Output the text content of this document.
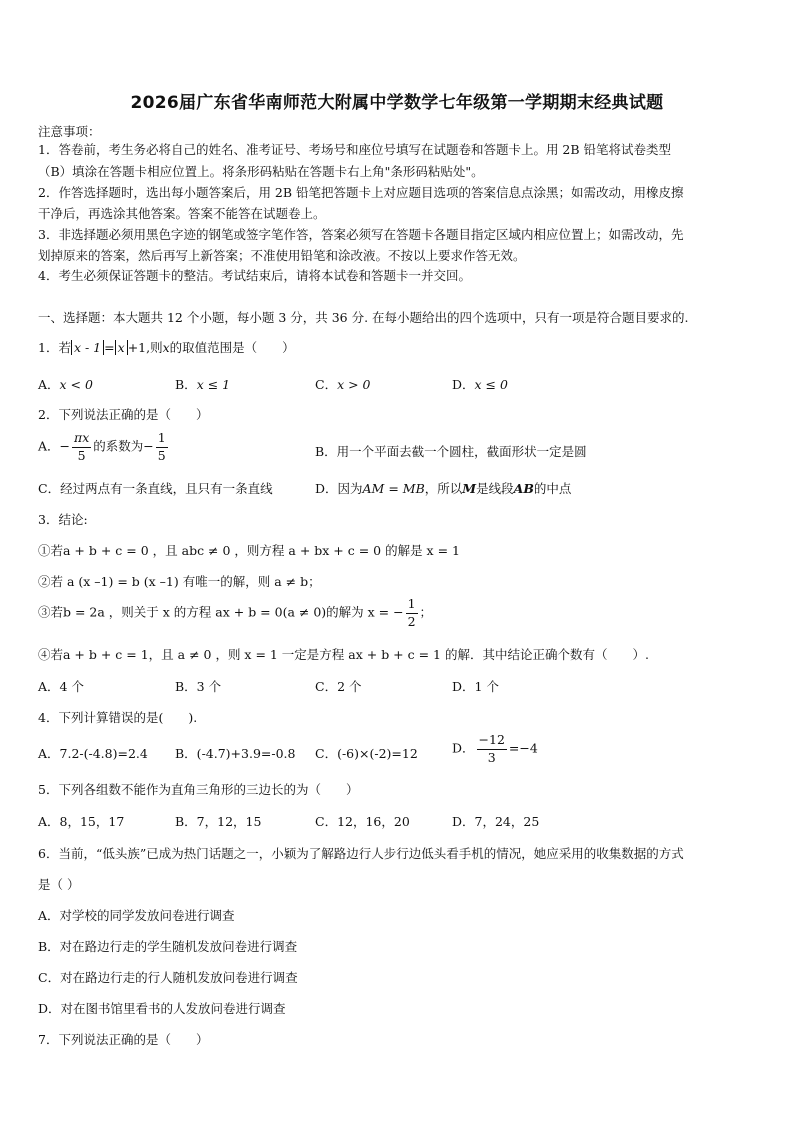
2026届广东省华南师范大附属中学数学七年级第一学期期末经典试题
注意事项：
1．答卷前，考生务必将自己的姓名、准考证号、考场号和座位号填写在试题卷和答题卡上。用 2B 铅笔将试卷类型
（B）填涂在答题卡相应位置上。将条形码粘贴在答题卡右上角"条形码粘贴处"。
2．作答选择题时，选出每小题答案后，用 2B 铅笔把答题卡上对应题目选项的答案信息点涂黑；如需改动，用橡皮擦
干净后，再选涂其他答案。答案不能答在试题卷上。
3．非选择题必须用黑色字迹的钢笔或签字笔作答，答案必须写在答题卡各题目指定区域内相应位置上；如需改动，先
划掉原来的答案，然后再写上新答案；不准使用铅笔和涂改液。不按以上要求作答无效。
4．考生必须保证答题卡的整洁。考试结束后，请将本试卷和答题卡一并交回。
一、选择题：本大题共 12 个小题，每小题 3 分，共 36 分. 在每小题给出的四个选项中，只有一项是符合题目要求的.
1．若 x - 1 = x +1,则x的取值范围是（　　）
A．x < 0	B．x ≤ 1	C．x > 0	D．x ≤ 0
2．下列说法正确的是（　　）
A．− $\frac{\pi x}{5}$ 的系数为− $\frac{1}{5}$	B．用一个平面去截一个圆柱，截面形状一定是圆
C．经过两点有一条直线，且只有一条直线	D．因为AM = MB，所以M是线段AB的中点
3．结论:
①若a + b + c = 0 ，且 abc ≠ 0 ，则方程 a + bx + c = 0 的解是 x = 1
②若 a (x –1) = b (x –1) 有唯一的解，则 a ≠ b；
③若b = 2a ，则关于 x 的方程 ax + b = 0(a ≠ 0)的解为 x = − $\frac{1}{2}$ ；
④若a + b + c = 1，且 a ≠ 0 ，则 x = 1 一定是方程 ax + b + c = 1 的解．其中结论正确个数有（　　）.
A．4 个	B．3 个	C．2 个	D．1 个
4．下列计算错误的是(　　).
A．7.2-(-4.8)=2.4 B．(-4.7)+3.9=-0.8 C．(-6)×(-2)=12	D． $\frac{-12}{3} =-4$
5．下列各组数不能作为直角三角形的三边长的为（　　）
A．8，15，17	B．7，12，15	C．12，16，20	D．7，24，25
6．当前，“低头族”已成为热门话题之一，小颖为了解路边行人步行边低头看手机的情况，她应采用的收集数据的方式
是（ ）
A．对学校的同学发放问卷进行调查
B．对在路边行走的学生随机发放问卷进行调查
C．对在路边行走的行人随机发放问卷进行调查
D．对在图书馆里看书的人发放问卷进行调查
7．下列说法正确的是（　　）
